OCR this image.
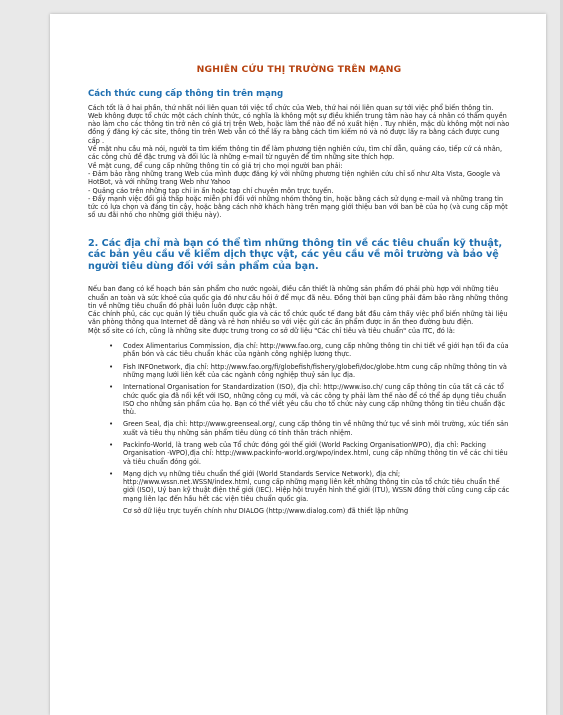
NGHIÊN CỨU THỊ TRƯỜNG TRÊN MẠNG
Cách thức cung cấp thông tin trên mạng

Cách tốt là ở hai phần, thứ nhất nói liên quan tới việc tổ chức của Web, thứ hai nói liên quan sự tới việc phổ biến thông tin.

Web không được tổ chức một cách chính thức, có nghĩa là không một sự điều khiển trung tâm nào hay cá nhân có thẩm quyền nào làm cho các thông tin trở nên có giá trị trên Web, hoặc làm thế nào để nó xuất hiện . Tuy nhiên, mặc dù không một nơi nào đồng ý đăng ký các site, thông tin trên Web vẫn có thể lấy ra bằng cách tìm kiếm nó và nó được lấy ra bằng cách được cung cấp .

Về mặt nhu cầu mà nói, người ta tìm kiếm thông tin để làm phương tiện nghiên cứu, tìm chỉ dẫn, quảng cáo, tiếp cứ cá nhân, các công chủ đề đặc trưng và đối lúc là những e-mail từ nguyên để tìm những site thích hợp.

Về mặt cung, để cung cấp những thông tin có giá trị cho mọi người ban phải:

- Đảm bảo rằng những trang Web của mình được đăng ký với những phương tiện nghiên cứu chỉ số như Alta Vista, Google và HotBot, và với những trang Web như Yahoo

- Quảng cáo trên những tạp chí in ấn hoặc tạp chí chuyên môn trực tuyến.

- Đẩy mạnh việc đối giá thấp hoặc miễn phí đối với những nhóm thông tin, hoặc bằng cách sử dụng e-mail và những trang tin tức có lựa chọn và đáng tin cậy, hoặc bằng cách nhờ khách hàng trên mạng giới thiệu ban với ban bè của họ (và cung cấp một số ưu đãi nhỏ cho những giới thiệu này).

2. Các địa chỉ mà bạn có thể tìm những thông tin về các tiêu chuẩn kỹ thuật, các bản yêu cầu về kiểm dịch thực vật, các yêu cầu về môi trường và bảo vệ người tiêu dùng đối với sản phẩm của bạn.

Nếu ban đang có kế hoạch bán sản phẩm cho nước ngoài, điều cần thiết là những sản phẩm đó phải phù hợp với những tiêu chuẩn an toàn và sức khoẻ của quốc gia đó như cầu hỏi ở để mục đã nêu. Đồng thời bạn cũng phải đảm bảo rằng những thông tin về những tiêu chuẩn đó phải luôn luôn được cập nhật.

Các chính phủ, các cục quản lý tiêu chuẩn quốc gia và các tổ chức quốc tế đang bắt đầu cảm thấy việc phổ biến những tài liệu văn phòng thông qua Internet dễ dàng và rẻ hơn nhiều so với việc gửi các ấn phẩm được in ấn theo đường bưu điện.

Một số site có ích, cũng là những site được trưng trong cơ sở dữ liệu "Các chỉ tiêu và tiêu chuẩn" của ITC, đó là:

• Codex Alimentarius Commission, địa chỉ: http://www.fao.org, cung cấp những thông tin chi tiết về giới hạn tối đa của phần bón và các tiêu chuẩn khác của ngành công nghiệp lương thực.
• Fish INFOnetwork, địa chỉ: http://www.fao.org/fi/globefish/fishery/globefi/doc/globe.htm cung cấp những thông tin và những mạng lưới liên kết của các ngành công nghiệp thuỷ sản lục địa.
• International Organisation for Standardization (ISO), địa chỉ: http://www.iso.ch/ cung cấp thông tin của tất cả các tổ chức quốc gia đã nối kết với ISO, những công cụ mới, và các công ty phải làm thế nào để có thể áp dụng tiêu chuẩn ISO cho những sản phẩm của họ. Bạn có thể viết yêu cầu cho tổ chức này cung cấp những thông tin tiêu chuẩn đặc thù.
• Green Seal, địa chỉ: http://www.greenseal.org/, cung cấp thông tin về những thứ tục về sinh môi trường, xúc tiến sản xuất và tiêu thụ những sản phẩm tiêu dùng có tính thân trách nhiệm.
• Packinfo-World, là trang web của Tổ chức đóng gói thế giới (World Packing OrganisationWPO), địa chỉ: Packing Organisation -WPO),địa chỉ: http://www.packinfo-world.org/wpo/index.html, cung cấp những thông tin về các chi tiêu và tiêu chuẩn đóng gói.
• Mạng dịch vụ những tiêu chuẩn thế giới (World Standards Service Network), địa chỉ; http://www.wssn.net.WSSN/index.html, cung cấp những mạng liên kết những thông tin của tổ chức tiêu chuẩn thế giới (ISO), Uỷ ban kỹ thuật điện thế giới (IEC). Hiệp hội truyền hình thế giới (ITU), WSSN đồng thời cũng cung cấp các mạng liên lạc đến hầu hết các viện tiêu chuẩn quốc gia.

Cơ sở dữ liệu trực tuyến chính như DIALOG (http://www.dialog.com) đã thiết lập những
